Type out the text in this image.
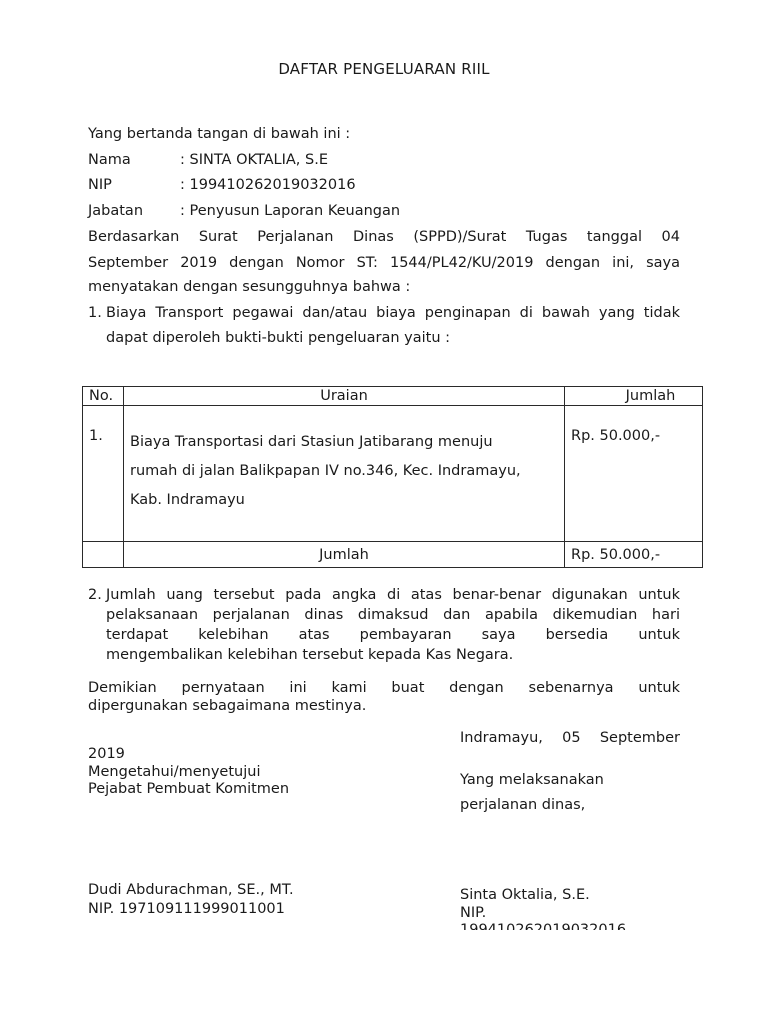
DAFTAR PENGELUARAN RIIL
Yang bertanda tangan di bawah ini :
Nama	: SINTA OKTALIA, S.E
NIP	: 199410262019032016
Jabatan	: Penyusun Laporan Keuangan
Berdasarkan Surat Perjalanan Dinas (SPPD)/Surat Tugas tanggal 04
September 2019 dengan Nomor ST: 1544/PL42/KU/2019 dengan ini, saya
menyatakan dengan sesungguhnya bahwa :
1. Biaya Transport pegawai dan/atau biaya penginapan di bawah yang tidak
dapat diperoleh bukti-bukti pengeluaran yaitu :
No.	Uraian	Jumlah
1.	Biaya Transportasi dari Stasiun Jatibarang menuju
rumah di jalan Balikpapan IV no.346, Kec. Indramayu,
Kab. Indramayu	Rp. 50.000,-
	Jumlah	Rp. 50.000,-
2. Jumlah uang tersebut pada angka di atas benar-benar digunakan untuk
pelaksanaan perjalanan dinas dimaksud dan apabila dikemudian hari
terdapat kelebihan atas pembayaran saya bersedia untuk
mengembalikan kelebihan tersebut kepada Kas Negara.
Demikian pernyataan ini kami buat dengan sebenarnya untuk
dipergunakan sebagaimana mestinya.
Indramayu, 05 September
2019
Mengetahui/menyetujui
Pejabat Pembuat Komitmen
Yang melaksanakan
perjalanan dinas,
Dudi Abdurachman, SE., MT.
NIP. 197109111999011001
Sinta Oktalia, S.E.
NIP.
